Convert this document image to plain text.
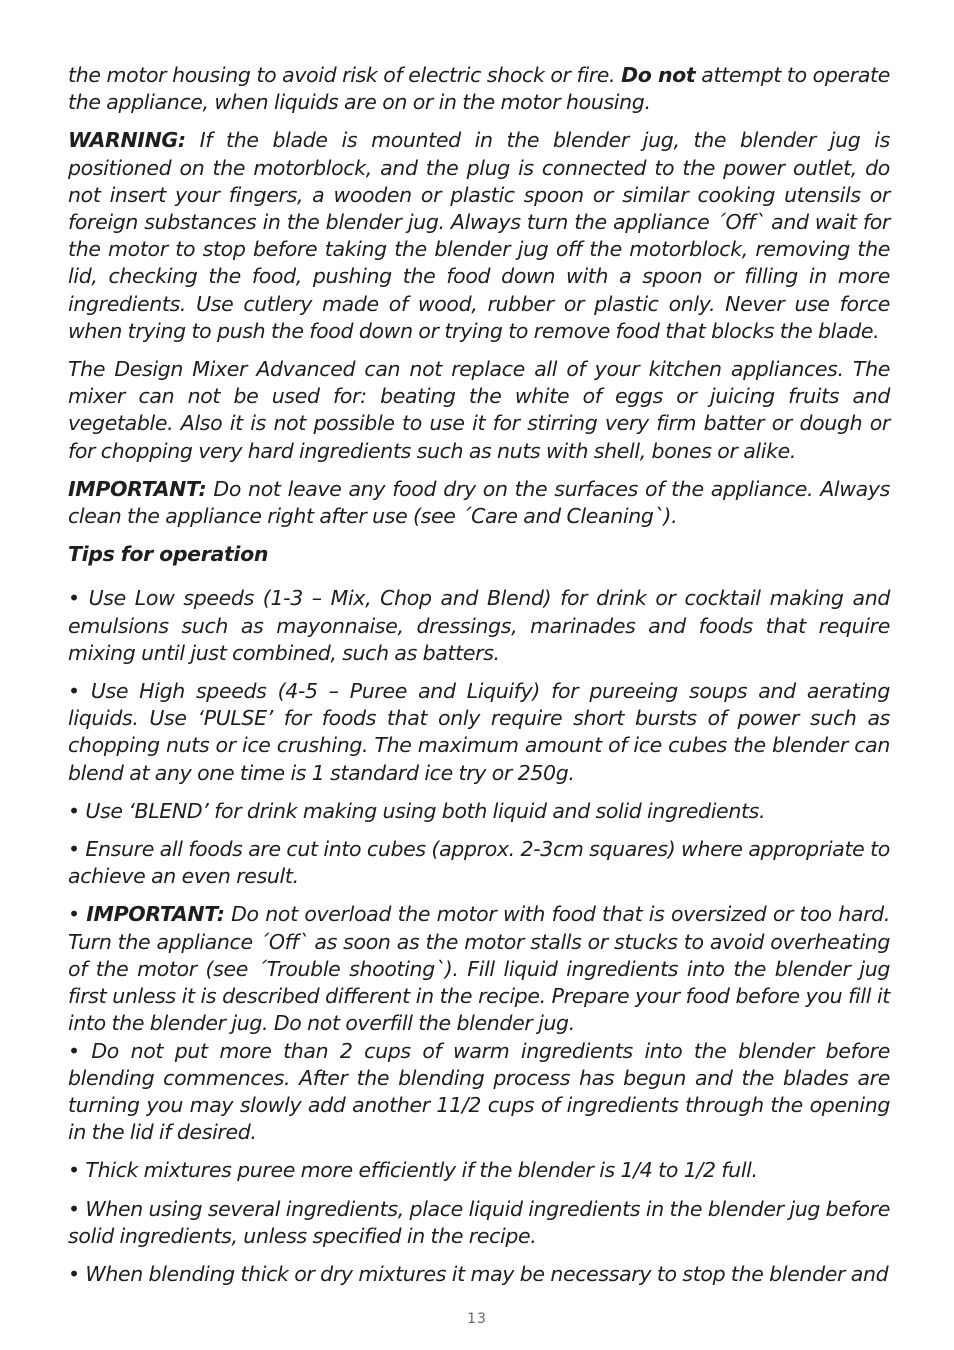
the motor housing to avoid risk of electric shock or fire. Do not attempt to operate the appliance, when liquids are on or in the motor housing.

WARNING: If the blade is mounted in the blender jug, the blender jug is positioned on the motorblock, and the plug is connected to the power outlet, do not insert your fingers, a wooden or plastic spoon or similar cooking utensils or foreign substances in the blender jug. Always turn the appliance ´Off` and wait for the motor to stop before taking the blender jug off the motorblock, removing the lid, checking the food, pushing the food down with a spoon or filling in more ingredients. Use cutlery made of wood, rubber or plastic only. Never use force when trying to push the food down or trying to remove food that blocks the blade.

The Design Mixer Advanced can not replace all of your kitchen appliances. The mixer can not be used for: beating the white of eggs or juicing fruits and vegetable. Also it is not possible to use it for stirring very firm batter or dough or for chopping very hard ingredients such as nuts with shell, bones or alike.

IMPORTANT: Do not leave any food dry on the surfaces of the appliance. Always clean the appliance right after use (see ´Care and Cleaning`).

Tips for operation

• Use Low speeds (1-3 – Mix, Chop and Blend) for drink or cocktail making and emulsions such as mayonnaise, dressings, marinades and foods that require mixing until just combined, such as batters.

• Use High speeds (4-5 – Puree and Liquify) for pureeing soups and aerating liquids. Use ‘PULSE’ for foods that only require short bursts of power such as chopping nuts or ice crushing. The maximum amount of ice cubes the blender can blend at any one time is 1 standard ice try or 250g.

• Use ‘BLEND’ for drink making using both liquid and solid ingredients.

• Ensure all foods are cut into cubes (approx. 2-3cm squares) where appropriate to achieve an even result.

• IMPORTANT: Do not overload the motor with food that is oversized or too hard. Turn the appliance ´Off` as soon as the motor stalls or stucks to avoid overheating of the motor (see ´Trouble shooting`). Fill liquid ingredients into the blender jug first unless it is described different in the recipe. Prepare your food before you fill it into the blender jug. Do not overfill the blender jug.

• Do not put more than 2 cups of warm ingredients into the blender before blending commences. After the blending process has begun and the blades are turning you may slowly add another 11/2 cups of ingredients through the opening in the lid if desired.

• Thick mixtures puree more efficiently if the blender is 1/4 to 1/2 full.

• When using several ingredients, place liquid ingredients in the blender jug before solid ingredients, unless specified in the recipe.

• When blending thick or dry mixtures it may be necessary to stop the blender and

13
